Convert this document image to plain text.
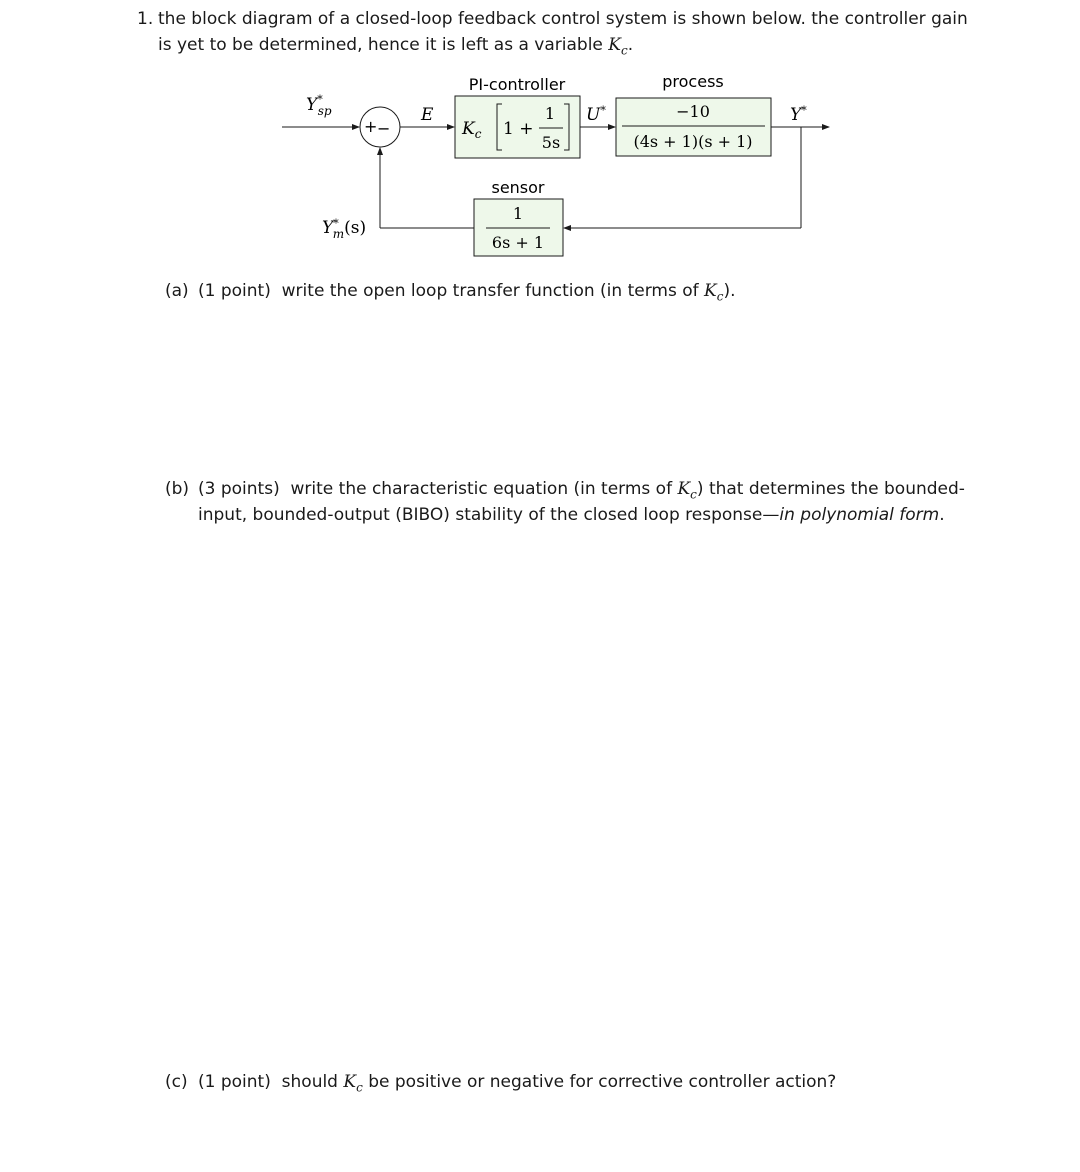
1. the block diagram of a closed-loop feedback control system is shown below. the controller gain
is yet to be determined, hence it is left as a variable $K_c$.
Y* sp
+ −
E
PI-controller
$K_c$ 1 +
1
5s
U*
process
−10
(4s + 1)(s + 1)
Y*
sensor
1
6s + 1
Y* m(s)
(a) (1 point) write the open loop transfer function (in terms of $K_c$).
(b) (3 points) write the characteristic equation (in terms of $K_c$) that determines the bounded-
input, bounded-output (BIBO) stability of the closed loop response—in polynomial form.
(c) (1 point) should $K_c$ be positive or negative for corrective controller action?
